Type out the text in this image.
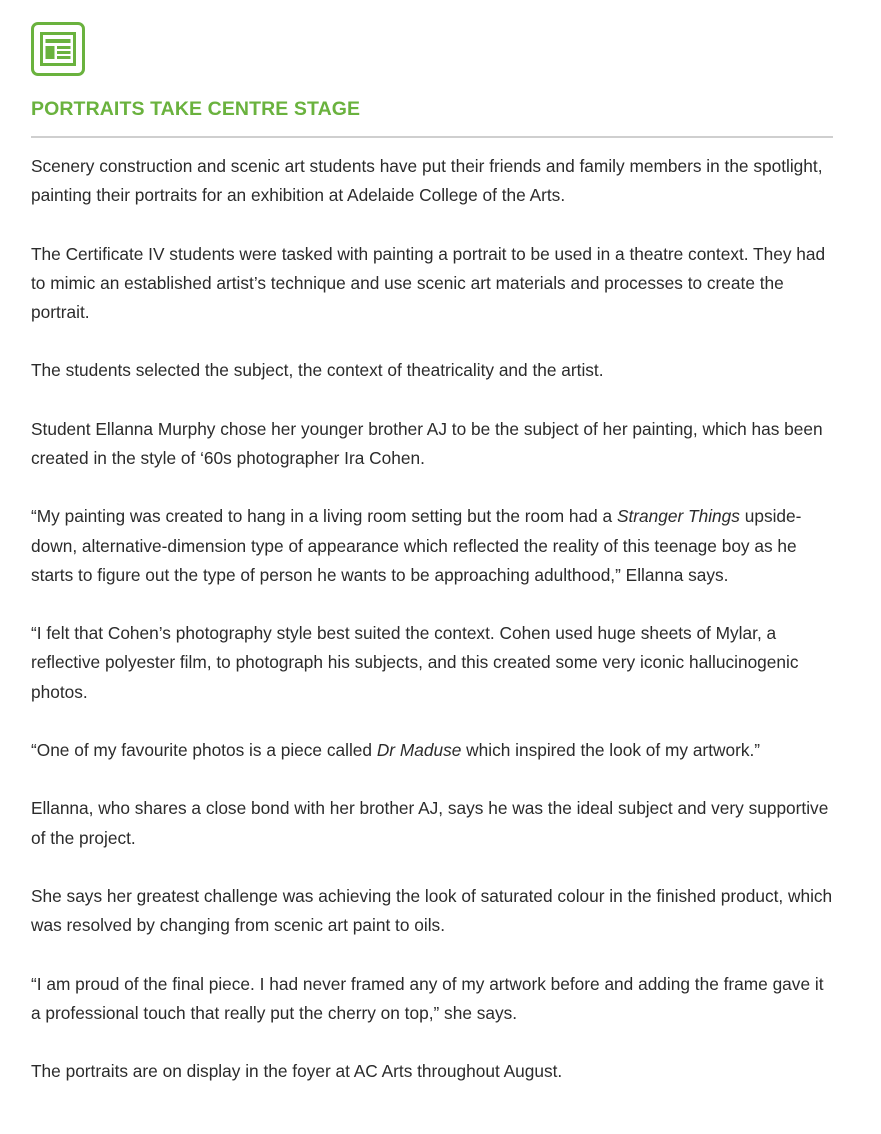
PORTRAITS TAKE CENTRE STAGE

Scenery construction and scenic art students have put their friends and family members in the spotlight, painting their portraits for an exhibition at Adelaide College of the Arts.

The Certificate IV students were tasked with painting a portrait to be used in a theatre context. They had to mimic an established artist’s technique and use scenic art materials and processes to create the portrait.

The students selected the subject, the context of theatricality and the artist.

Student Ellanna Murphy chose her younger brother AJ to be the subject of her painting, which has been created in the style of ‘60s photographer Ira Cohen.

“My painting was created to hang in a living room setting but the room had a Stranger Things upside-down, alternative-dimension type of appearance which reflected the reality of this teenage boy as he starts to figure out the type of person he wants to be approaching adulthood,” Ellanna says.

“I felt that Cohen’s photography style best suited the context. Cohen used huge sheets of Mylar, a reflective polyester film, to photograph his subjects, and this created some very iconic hallucinogenic photos.

“One of my favourite photos is a piece called Dr Maduse which inspired the look of my artwork.”

Ellanna, who shares a close bond with her brother AJ, says he was the ideal subject and very supportive of the project.

She says her greatest challenge was achieving the look of saturated colour in the finished product, which was resolved by changing from scenic art paint to oils.

“I am proud of the final piece. I had never framed any of my artwork before and adding the frame gave it a professional touch that really put the cherry on top,” she says.

The portraits are on display in the foyer at AC Arts throughout August.
